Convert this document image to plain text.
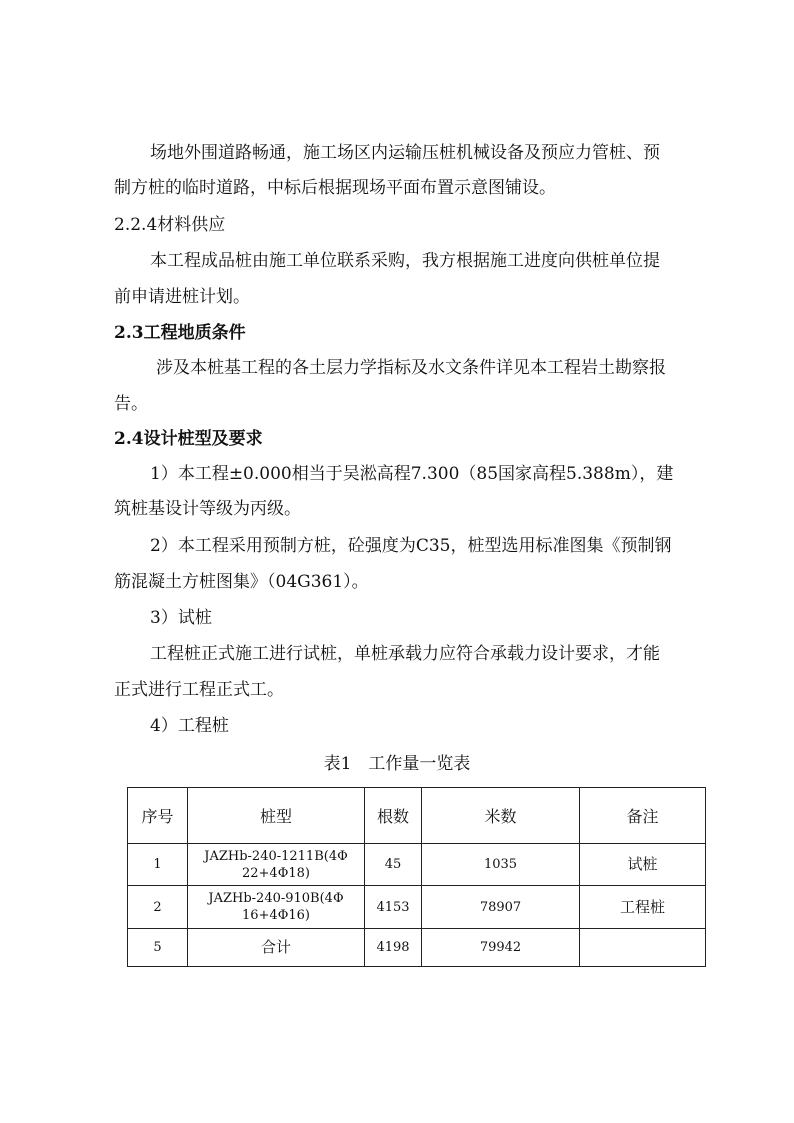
场地外围道路畅通，施工场区内运输压桩机械设备及预应力管桩、预
制方桩的临时道路，中标后根据现场平面布置示意图铺设。
2.2.4材料供应
本工程成品桩由施工单位联系采购，我方根据施工进度向供桩单位提
前申请进桩计划。
2.3工程地质条件
涉及本桩基工程的各土层力学指标及水文条件详见本工程岩土勘察报
告。
2.4设计桩型及要求
1）本工程±0.000相当于吴淞高程7.300（85国家高程5.388m），建
筑桩基设计等级为丙级。
2）本工程采用预制方桩，砼强度为C35，桩型选用标准图集《预制钢
筋混凝土方桩图集》（04G361）。
3）试桩
工程桩正式施工进行试桩，单桩承载力应符合承载力设计要求，才能
正式进行工程正式工。
4）工程桩
表1　工作量一览表
序号	桩型	根数	米数	备注
1	JAZHb-240-1211B(4Φ
22+4Φ18)	45	1035	试桩
2	JAZHb-240-910B(4Φ
16+4Φ16)	4153	78907	工程桩
5	合计	4198	79942	
